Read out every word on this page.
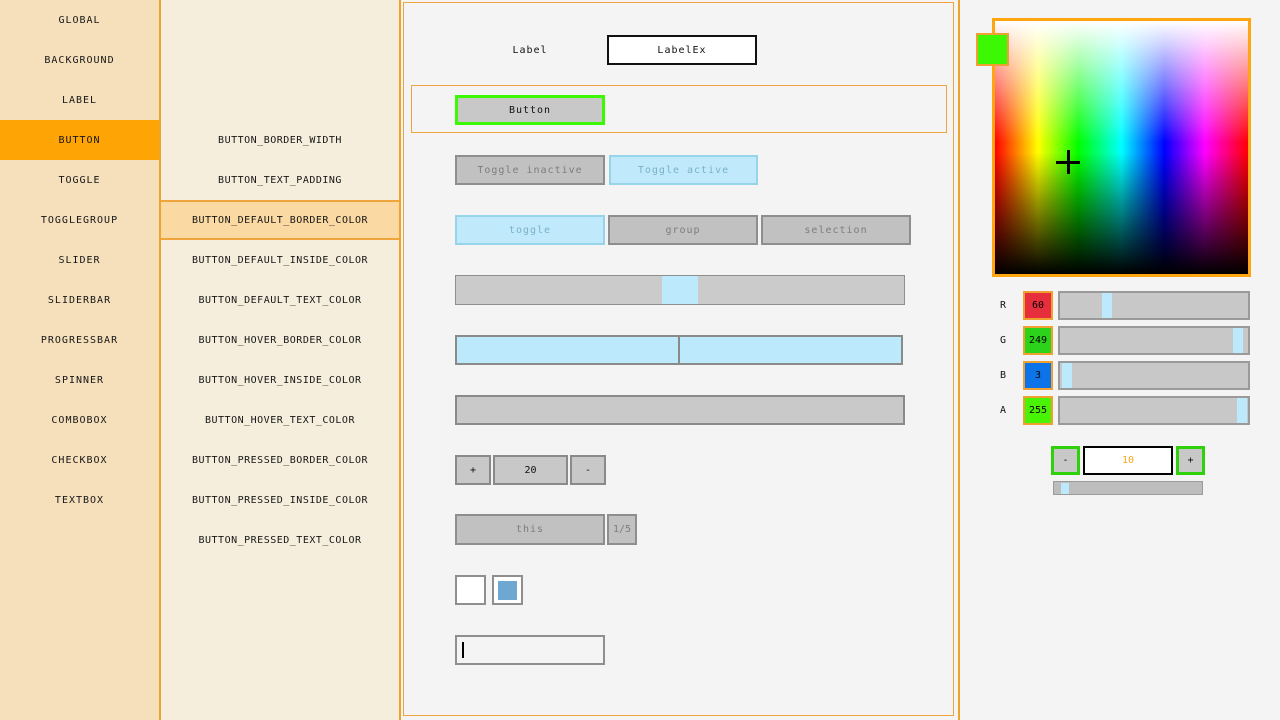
GLOBAL
BACKGROUND
LABEL
BUTTON
TOGGLE
TOGGLEGROUP
SLIDER
SLIDERBAR
PROGRESSBAR
SPINNER
COMBOBOX
CHECKBOX
TEXTBOX
BUTTON_BORDER_WIDTH
BUTTON_TEXT_PADDING
BUTTON_DEFAULT_BORDER_COLOR
BUTTON_DEFAULT_INSIDE_COLOR
BUTTON_DEFAULT_TEXT_COLOR
BUTTON_HOVER_BORDER_COLOR
BUTTON_HOVER_INSIDE_COLOR
BUTTON_HOVER_TEXT_COLOR
BUTTON_PRESSED_BORDER_COLOR
BUTTON_PRESSED_INSIDE_COLOR
BUTTON_PRESSED_TEXT_COLOR
Label	LabelEx
Button
Toggle inactive	Toggle active
toggle	group	selection
+	20	-
this	1/5
R	60
G	249
B	3
A	255
-	10	+
